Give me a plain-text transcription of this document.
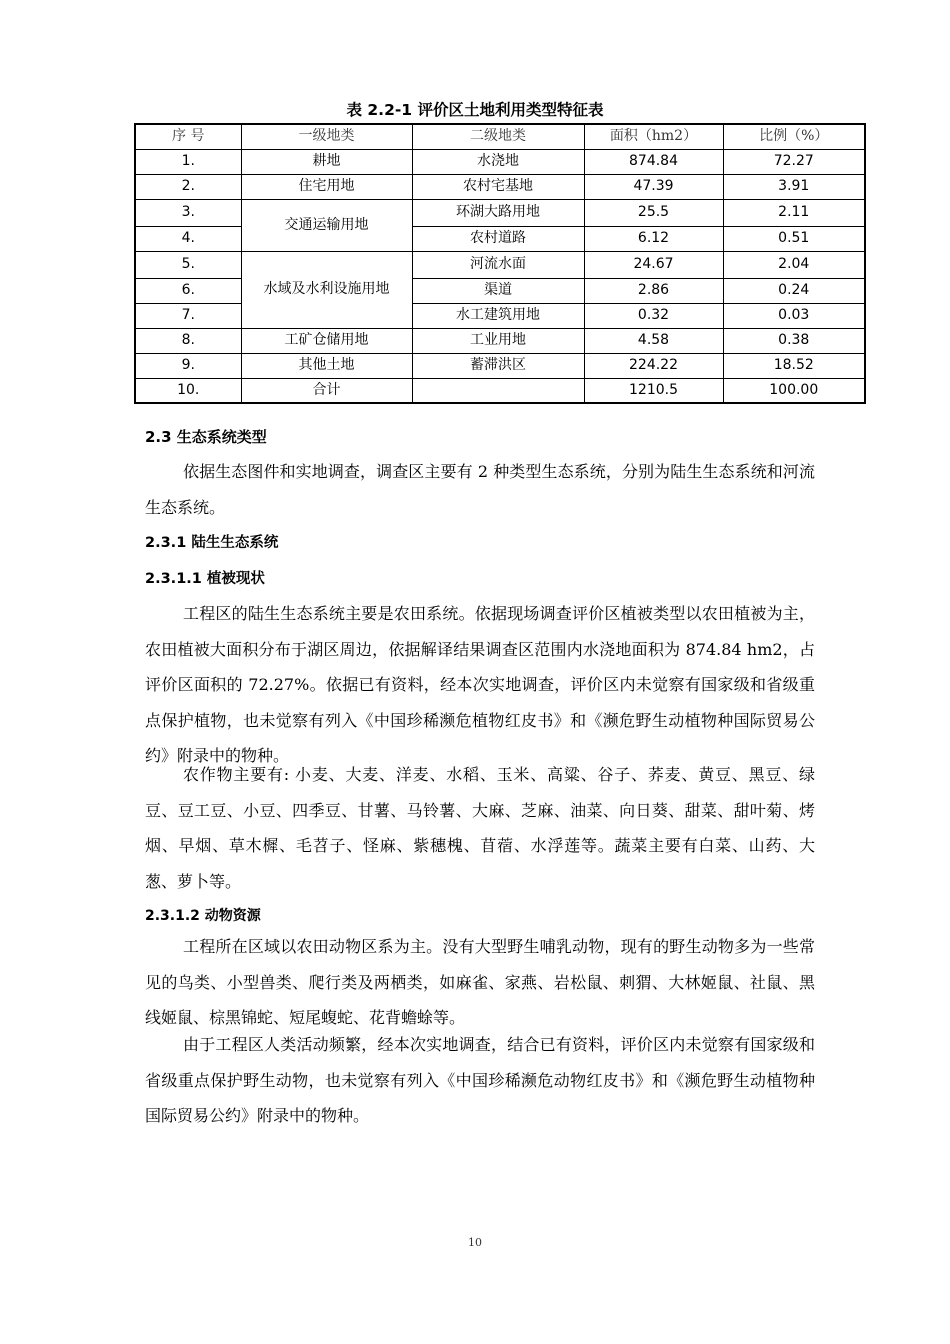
表 2.2-1 评价区土地利用类型特征表
序 号	一级地类	二级地类	面积（hm2）	比例（%）
1.	耕地	水浇地	874.84	72.27
2.	住宅用地	农村宅基地	47.39	3.91
3.	交通运输用地	环湖大路用地	25.5	2.11
4.		农村道路	6.12	0.51
5.	水域及水利设施用地	河流水面	24.67	2.04
6.		渠道	2.86	0.24
7.		水工建筑用地	0.32	0.03
8.	工矿仓储用地	工业用地	4.58	0.38
9.	其他土地	蓄滞洪区	224.22	18.52
10.	合计		1210.5	100.00
2.3 生态系统类型
依据生态图件和实地调查，调查区主要有 2 种类型生态系统，分别为陆生生态系统和河流生态系统。
2.3.1 陆生生态系统
2.3.1.1 植被现状
工程区的陆生生态系统主要是农田系统。依据现场调查评价区植被类型以农田植被为主，农田植被大面积分布于湖区周边，依据解译结果调查区范围内水浇地面积为 874.84 hm2，占评价区面积的 72.27%。依据已有资料，经本次实地调查，评价区内未觉察有国家级和省级重点保护植物，也未觉察有列入《中国珍稀濒危植物红皮书》和《濒危野生动植物种国际贸易公约》附录中的物种。
农作物主要有: 小麦、大麦、洋麦、水稻、玉米、高粱、谷子、荞麦、黄豆、黑豆、绿豆、豆工豆、小豆、四季豆、甘薯、马铃薯、大麻、芝麻、油菜、向日葵、甜菜、甜叶菊、烤烟、早烟、草木樨、毛苕子、怪麻、紫穗槐、苜蓿、水浮莲等。蔬菜主要有白菜、山药、大葱、萝卜等。
2.3.1.2 动物资源
工程所在区域以农田动物区系为主。没有大型野生哺乳动物，现有的野生动物多为一些常见的鸟类、小型兽类、爬行类及两栖类，如麻雀、家燕、岩松鼠、刺猬、大林姬鼠、社鼠、黑线姬鼠、棕黑锦蛇、短尾蝮蛇、花背蟾蜍等。
由于工程区人类活动频繁，经本次实地调查，结合已有资料，评价区内未觉察有国家级和省级重点保护野生动物，也未觉察有列入《中国珍稀濒危动物红皮书》和《濒危野生动植物种国际贸易公约》附录中的物种。
10
